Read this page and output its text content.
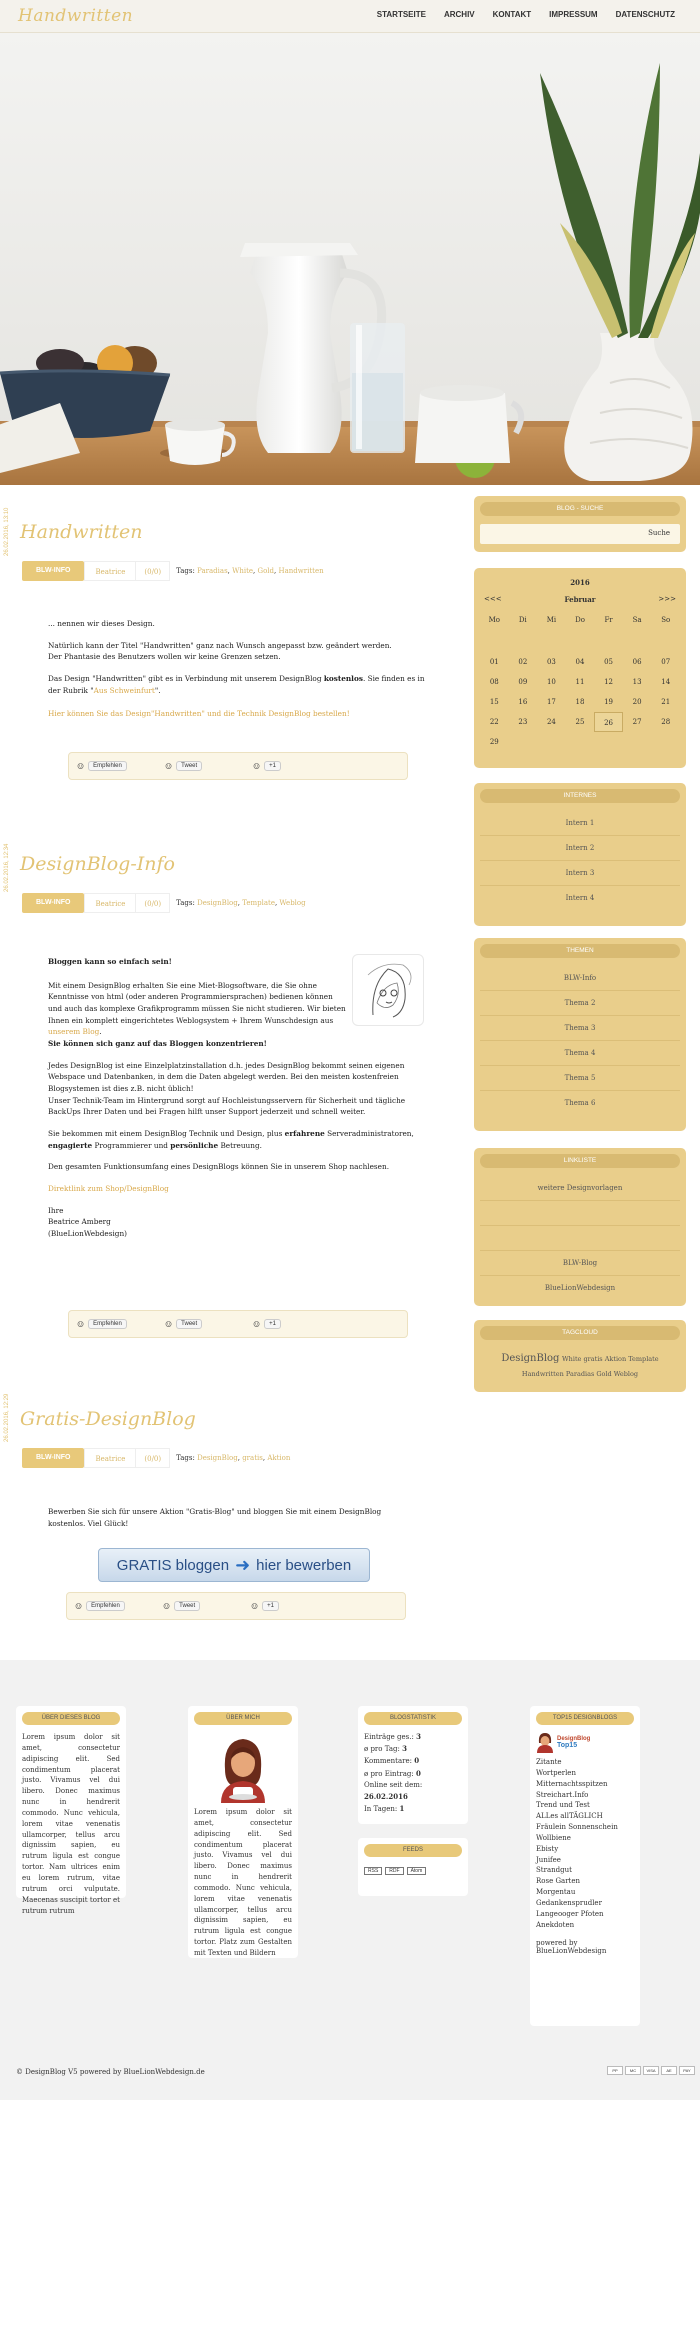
Handwritten	STARTSEITE	ARCHIV	KONTAKT	IMPRESSUM	DATENSCHUTZ
26.02.2016, 13:10 Handwritten
BLW-INFO	Beatrice	(0/0)	Tags: Paradias, White, Gold, Handwritten

... nennen wir dieses Design.

Natürlich kann der Titel "Handwritten" ganz nach Wunsch angepasst bzw. geändert werden.

Der Phantasie des Benutzers wollen wir keine Grenzen setzen.

Das Design "Handwritten" gibt es in Verbindung mit unserem DesignBlog kostenlos. Sie finden es in der Rubrik "Aus Schweinfurt".

Hier können Sie das Design"Handwritten" und die Technik DesignBlog bestellen!

☺	Empfehlen	☺	Tweet	☺	+1
26.02.2016, 12:34 DesignBlog-Info
BLW-INFO	Beatrice	(0/0)	Tags: DesignBlog, Template, Weblog

Bloggen kann so einfach sein!

Mit einem DesignBlog erhalten Sie eine Miet-Blogsoftware, die Sie ohne Kenntnisse von html (oder anderen Programmiersprachen) bedienen können und auch das komplexe Grafikprogramm müssen Sie nicht studieren. Wir bieten Ihnen ein komplett eingerichtetes Weblogsystem + Ihrem Wunschdesign aus unserem Blog.

Sie können sich ganz auf das Bloggen konzentrieren!

Jedes DesignBlog ist eine Einzelplatzinstallation d.h. jedes DesignBlog bekommt seinen eigenen Webspace und Datenbanken, in dem die Daten abgelegt werden. Bei den meisten kostenfreien Blogsystemen ist dies z.B. nicht üblich!

Unser Technik-Team im Hintergrund sorgt auf Hochleistungsservern für Sicherheit und tägliche BackUps Ihrer Daten und bei Fragen hilft unser Support jederzeit und schnell weiter.

Sie bekommen mit einem DesignBlog Technik und Design, plus erfahrene Serveradministratoren,
engagierte Programmierer und persönliche Betreuung.

Den gesamten Funktionsumfang eines DesignBlogs können Sie in unserem Shop nachlesen.

Direktlink zum Shop/DesignBlog

Ihre

Beatrice Amberg

(BlueLionWebdesign)

☺	Empfehlen	☺	Tweet	☺	+1
26.02.2016, 12:29 Gratis-DesignBlog
BLW-INFO	Beatrice	(0/0)	Tags: DesignBlog, gratis, Aktion

Bewerben Sie sich für unsere Aktion "Gratis-Blog" und bloggen Sie mit einem DesignBlog kostenlos. Viel Glück!

GRATIS bloggen ➜ hier bewerben
☺	Empfehlen	☺	Tweet	☺	+1
BLOG - SUCHE
Suche
2016
<<<	Februar	>>>
Mo	Di	Mi	Do	Fr	Sa	So
01	02	03	04	05	06	07
08	09	10	11	12	13	14
15	16	17	18	19	20	21
22	23	24	25	26	27	28
29
INTERNES
Intern 1
Intern 2
Intern 3
Intern 4
THEMEN
BLW-Info
Thema 2
Thema 3
Thema 4
Thema 5
Thema 6
LINKLISTE
weitere Designvorlagen
BLW-Blog
BlueLionWebdesign
TAGCLOUD
DesignBlog White gratis Aktion Template Handwritten Paradias Gold Weblog
ÜBER DIESES BLOG
Lorem ipsum dolor sit amet, consectetur adipiscing elit. Sed condimentum placerat justo. Vivamus vel dui libero. Donec maximus nunc in hendrerit commodo. Nunc vehicula, lorem vitae venenatis ullamcorper, tellus arcu dignissim sapien, eu rutrum ligula est congue tortor. Nam ultrices enim eu lorem rutrum, vitae rutrum orci vulputate. Maecenas suscipit tortor et rutrum rutrum
ÜBER MICH
Lorem ipsum dolor sit amet, consectetur adipiscing elit. Sed condimentum placerat justo. Vivamus vel dui libero. Donec maximus nunc in hendrerit commodo. Nunc vehicula, lorem vitae venenatis ullamcorper, tellus arcu dignissim sapien, eu rutrum ligula est congue tortor. Platz zum Gestalten mit Texten und Bildern
BLOGSTATISTIK
Einträge ges.: 3
ø pro Tag: 3
Kommentare: 0
ø pro Eintrag: 0
Online seit dem: 26.02.2016
In Tagen: 1
FEEDS
RSS	RDF	Atom
TOP15 DESIGNBLOGS
DesignBlog
Top15
Zitante
Wortperlen
Mitternachtsspitzen
Streichart.Info
Trend und Test
ALLes allTÄGLICH
Fräulein Sonnenschein
Wollbiene
Ebisty
Junifee
Strandgut
Rose Garten
Morgentau
Gedankensprudler
Langeooger Pfoten Anekdoten
powered by BlueLionWebdesign
© DesignBlog V5 powered by BlueLionWebdesign.de	PP	MC	VISA	AE	PAY
